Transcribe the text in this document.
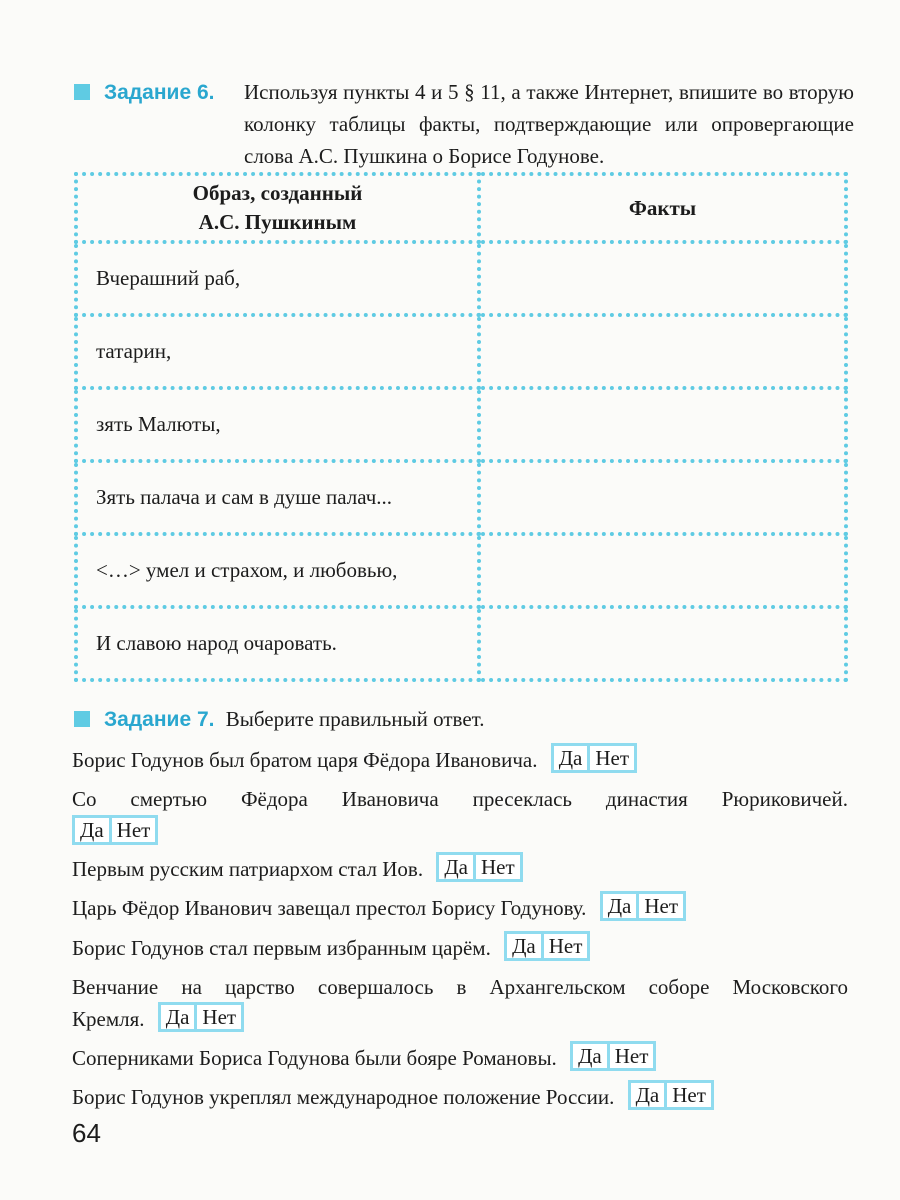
Задание 6.	Используя пункты 4 и 5 § 11, а также Интернет, впишите во вторую колонку таблицы факты, подтверждающие или опровергающие слова А.С. Пушкина о Борисе Годунове.
Образ, созданный А.С. Пушкиным	Факты
Вчерашний раб,	
татарин,	
зять Малюты,	
Зять палача и сам в душе палач...	
<…> умел и страхом, и любовью,	
И славою народ очаровать.	
Задание 7. Выберите правильный ответ.
Борис Годунов был братом царя Фёдора Ивановича. Да Нет
Со смертью Фёдора Ивановича пресеклась династия Рюриковичей.
Да Нет
Первым русским патриархом стал Иов. Да Нет
Царь Фёдор Иванович завещал престол Борису Годунову. Да Нет
Борис Годунов стал первым избранным царём. Да Нет
Венчание на царство совершалось в Архангельском соборе Московского
Кремля. Да Нет
Соперниками Бориса Годунова были бояре Романовы. Да Нет
Борис Годунов укреплял международное положение России. Да Нет
64
